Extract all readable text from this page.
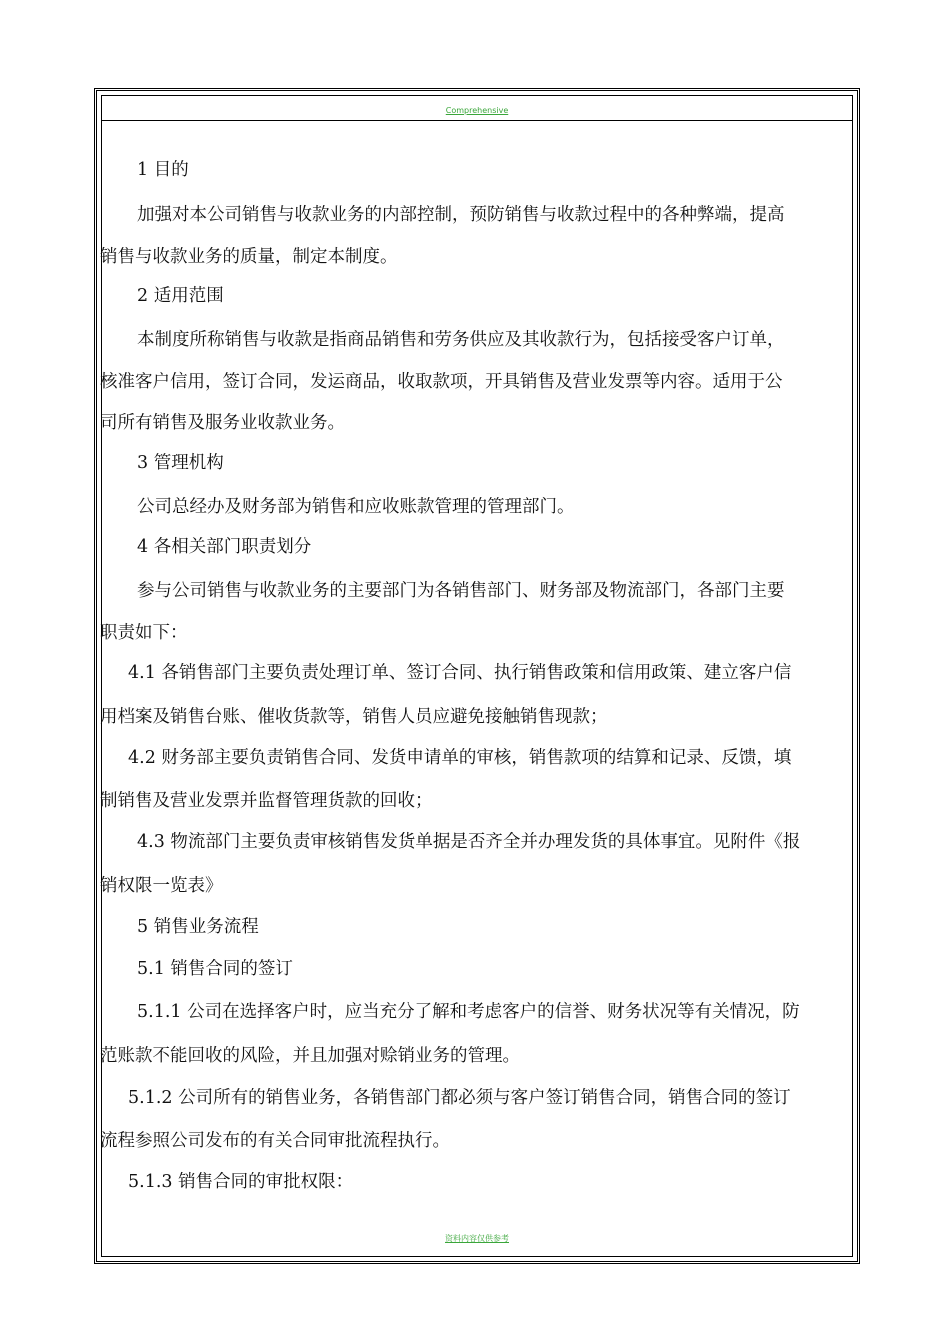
Comprehensive
资料内容仅供参考
1 目的
加强对本公司销售与收款业务的内部控制，预防销售与收款过程中的各种弊端，提高
销售与收款业务的质量，制定本制度。
2 适用范围
本制度所称销售与收款是指商品销售和劳务供应及其收款行为，包括接受客户订单，
核准客户信用，签订合同，发运商品，收取款项，开具销售及营业发票等内容。适用于公
司所有销售及服务业收款业务。
3 管理机构
公司总经办及财务部为销售和应收账款管理的管理部门。
4 各相关部门职责划分
参与公司销售与收款业务的主要部门为各销售部门、财务部及物流部门，各部门主要
职责如下：
4.1 各销售部门主要负责处理订单、签订合同、执行销售政策和信用政策、建立客户信
用档案及销售台账、催收货款等，销售人员应避免接触销售现款；
4.2 财务部主要负责销售合同、发货申请单的审核，销售款项的结算和记录、反馈，填
制销售及营业发票并监督管理货款的回收；
4.3 物流部门主要负责审核销售发货单据是否齐全并办理发货的具体事宜。见附件《报
销权限一览表》
5 销售业务流程
5.1 销售合同的签订
5.1.1 公司在选择客户时，应当充分了解和考虑客户的信誉、财务状况等有关情况，防
范账款不能回收的风险，并且加强对赊销业务的管理。
5.1.2 公司所有的销售业务，各销售部门都必须与客户签订销售合同，销售合同的签订
流程参照公司发布的有关合同审批流程执行。
5.1.3 销售合同的审批权限：
